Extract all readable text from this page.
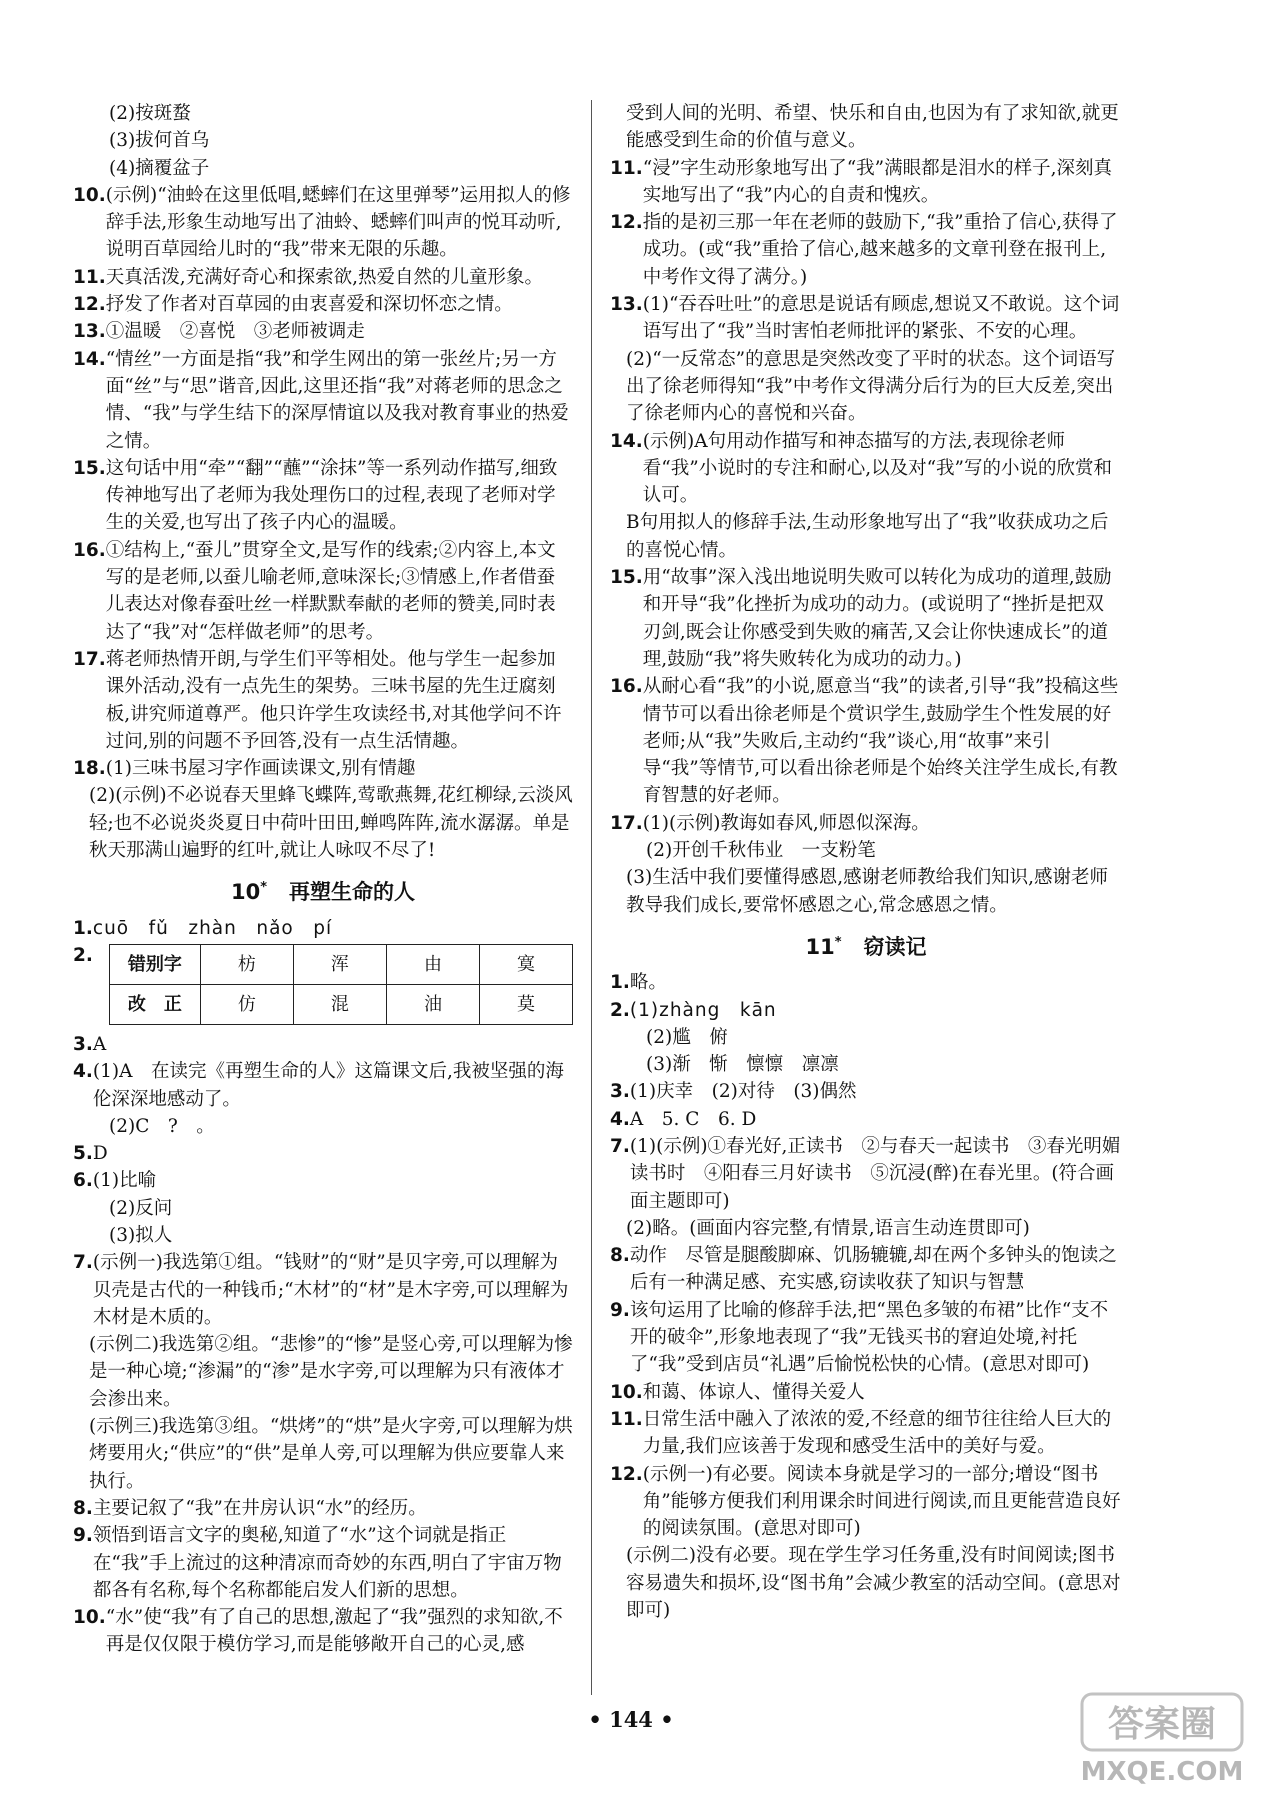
(2)按斑蝥
(3)拔何首乌
(4)摘覆盆子
10. (示例)“油蛉在这里低唱,蟋蟀们在这里弹琴”运用拟人的修辞手法,形象生动地写出了油蛉、蟋蟀们叫声的悦耳动听,说明百草园给儿时的“我”带来无限的乐趣。
11. 天真活泼,充满好奇心和探索欲,热爱自然的儿童形象。
12. 抒发了作者对百草园的由衷喜爱和深切怀恋之情。
13. ①温暖　②喜悦　③老师被调走
14. “情丝”一方面是指“我”和学生网出的第一张丝片;另一方面“丝”与“思”谐音,因此,这里还指“我”对蒋老师的思念之情、“我”与学生结下的深厚情谊以及我对教育事业的热爱之情。
15. 这句话中用“牵”“翻”“蘸”“涂抹”等一系列动作描写,细致传神地写出了老师为我处理伤口的过程,表现了老师对学生的关爱,也写出了孩子内心的温暖。
16. ①结构上,“蚕儿”贯穿全文,是写作的线索;②内容上,本文写的是老师,以蚕儿喻老师,意味深长;③情感上,作者借蚕儿表达对像春蚕吐丝一样默默奉献的老师的赞美,同时表达了“我”对“怎样做老师”的思考。
17. 蒋老师热情开朗,与学生们平等相处。他与学生一起参加课外活动,没有一点先生的架势。三味书屋的先生迂腐刻板,讲究师道尊严。他只许学生攻读经书,对其他学问不许过问,别的问题不予回答,没有一点生活情趣。
18. (1)三味书屋习字作画读课文,别有情趣
(2)(示例)不必说春天里蜂飞蝶阵,莺歌燕舞,花红柳绿,云淡风轻;也不必说炎炎夏日中荷叶田田,蝉鸣阵阵,流水潺潺。单是秋天那满山遍野的红叶,就让人咏叹不尽了!
10* 再塑生命的人
1. cuō　fǔ　zhàn　nǎo　pí
2. 错别字	枋	浑	由	寞
改　正	仿	混	油	莫
3. A
4. (1)A　在读完《再塑生命的人》这篇课文后,我被坚强的海伦深深地感动了。
(2)C　?　。
5. D
6. (1)比喻
(2)反问
(3)拟人
7. (示例一)我选第①组。“钱财”的“财”是贝字旁,可以理解为贝壳是古代的一种钱币;“木材”的“材”是木字旁,可以理解为木材是木质的。
(示例二)我选第②组。“悲惨”的“惨”是竖心旁,可以理解为惨是一种心境;“渗漏”的“渗”是水字旁,可以理解为只有液体才会渗出来。
(示例三)我选第③组。“烘烤”的“烘”是火字旁,可以理解为烘烤要用火;“供应”的“供”是单人旁,可以理解为供应要靠人来执行。
8. 主要记叙了“我”在井房认识“水”的经历。
9. 领悟到语言文字的奥秘,知道了“水”这个词就是指正在“我”手上流过的这种清凉而奇妙的东西,明白了宇宙万物都各有名称,每个名称都能启发人们新的思想。
10. “水”使“我”有了自己的思想,激起了“我”强烈的求知欲,不再是仅仅限于模仿学习,而是能够敞开自己的心灵,感
受到人间的光明、希望、快乐和自由,也因为有了求知欲,就更能感受到生命的价值与意义。
11. “浸”字生动形象地写出了“我”满眼都是泪水的样子,深刻真实地写出了“我”内心的自责和愧疚。
12. 指的是初三那一年在老师的鼓励下,“我”重拾了信心,获得了成功。(或“我”重拾了信心,越来越多的文章刊登在报刊上,中考作文得了满分。)
13. (1)“吞吞吐吐”的意思是说话有顾虑,想说又不敢说。这个词语写出了“我”当时害怕老师批评的紧张、不安的心理。
(2)“一反常态”的意思是突然改变了平时的状态。这个词语写出了徐老师得知“我”中考作文得满分后行为的巨大反差,突出了徐老师内心的喜悦和兴奋。
14. (示例)A句用动作描写和神态描写的方法,表现徐老师看“我”小说时的专注和耐心,以及对“我”写的小说的欣赏和认可。
B句用拟人的修辞手法,生动形象地写出了“我”收获成功之后的喜悦心情。
15. 用“故事”深入浅出地说明失败可以转化为成功的道理,鼓励和开导“我”化挫折为成功的动力。(或说明了“挫折是把双刃剑,既会让你感受到失败的痛苦,又会让你快速成长”的道理,鼓励“我”将失败转化为成功的动力。)
16. 从耐心看“我”的小说,愿意当“我”的读者,引导“我”投稿这些情节可以看出徐老师是个赏识学生,鼓励学生个性发展的好老师;从“我”失败后,主动约“我”谈心,用“故事”来引导“我”等情节,可以看出徐老师是个始终关注学生成长,有教育智慧的好老师。
17. (1)(示例)教诲如春风,师恩似深海。
(2)开创千秋伟业　一支粉笔
(3)生活中我们要懂得感恩,感谢老师教给我们知识,感谢老师教导我们成长,要常怀感恩之心,常念感恩之情。
11* 窃读记
1. 略。
2. (1)zhàng　kān
(2)尴　俯
(3)渐　惭　懔懔　凛凛
3. (1)庆幸　(2)对待　(3)偶然
4. A　5. C　6. D
7. (1)(示例)①春光好,正读书　②与春天一起读书　③春光明媚读书时　④阳春三月好读书　⑤沉浸(醉)在春光里。(符合画面主题即可)
(2)略。(画面内容完整,有情景,语言生动连贯即可)
8. 动作　尽管是腿酸脚麻、饥肠辘辘,却在两个多钟头的饱读之后有一种满足感、充实感,窃读收获了知识与智慧
9. 该句运用了比喻的修辞手法,把“黑色多皱的布裙”比作“支不开的破伞”,形象地表现了“我”无钱买书的窘迫处境,衬托了“我”受到店员“礼遇”后愉悦松快的心情。(意思对即可)
10. 和蔼、体谅人、懂得关爱人
11. 日常生活中融入了浓浓的爱,不经意的细节往往给人巨大的力量,我们应该善于发现和感受生活中的美好与爱。
12. (示例一)有必要。阅读本身就是学习的一部分;增设“图书角”能够方便我们利用课余时间进行阅读,而且更能营造良好的阅读氛围。(意思对即可)
(示例二)没有必要。现在学生学习任务重,没有时间阅读;图书容易遗失和损坏,设“图书角”会减少教室的活动空间。(意思对即可)
• 144 •	答案圈
MXQE.COM
